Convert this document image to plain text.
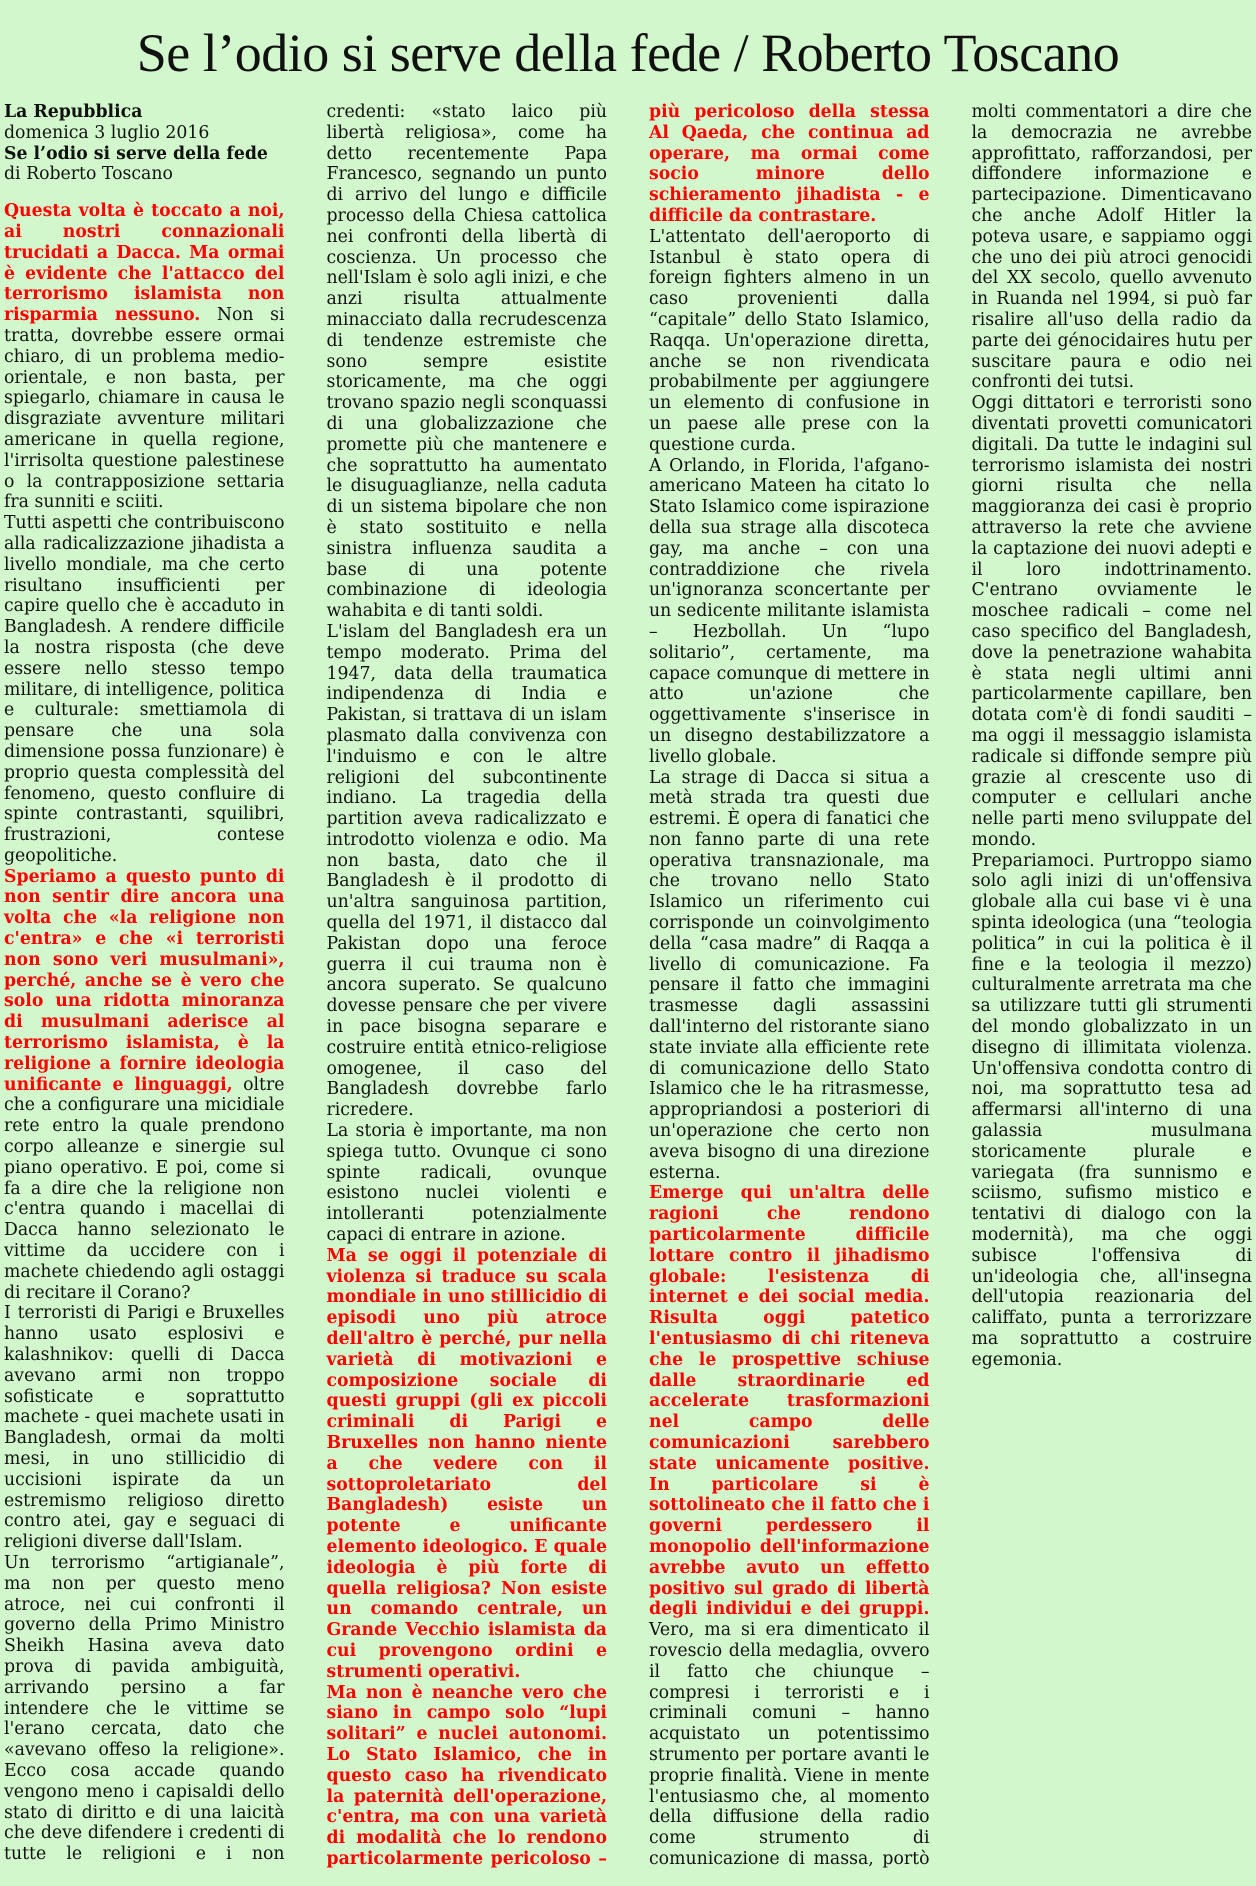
Se l’odio si serve della fede / Roberto Toscano
La Repubblica
domenica 3 luglio 2016
Se l’odio si serve della fede
di Roberto Toscano

Questa volta è toccato a noi, ai nostri connazionali trucidati a Dacca. Ma ormai è evidente che l'attacco del terrorismo islamista non risparmia nessuno. Non si tratta, dovrebbe essere ormai chiaro, di un problema medio-orientale, e non basta, per spiegarlo, chiamare in causa le disgraziate avventure militari americane in quella regione, l'irrisolta questione palestinese o la contrapposizione settaria fra sunniti e sciiti.

Tutti aspetti che contribuiscono alla radicalizzazione jihadista a livello mondiale, ma che certo risultano insufficienti per capire quello che è accaduto in Bangladesh. A rendere difficile la nostra risposta (che deve essere nello stesso tempo militare, di intelligence, politica e culturale: smettiamola di pensare che una sola dimensione possa funzionare) è proprio questa complessità del fenomeno, questo confluire di spinte contrastanti, squilibri, frustrazioni, contese geopolitiche.

Speriamo a questo punto di non sentir dire ancora una volta che «la religione non c'entra» e che «i terroristi non sono veri musulmani», perché, anche se è vero che solo una ridotta minoranza di musulmani aderisce al terrorismo islamista, è la religione a fornire ideologia unificante e linguaggi, oltre che a configurare una micidiale rete entro la quale prendono corpo alleanze e sinergie sul piano operativo. E poi, come si fa a dire che la religione non c'entra quando i macellai di Dacca hanno selezionato le vittime da uccidere con i machete chiedendo agli ostaggi di recitare il Corano?

I terroristi di Parigi e Bruxelles hanno usato esplosivi e kalashnikov: quelli di Dacca avevano armi non troppo sofisticate e soprattutto machete - quei machete usati in Bangladesh, ormai da molti mesi, in uno stillicidio di uccisioni ispirate da un estremismo religioso diretto contro atei, gay e seguaci di religioni diverse dall'Islam.

Un terrorismo “artigianale”, ma non per questo meno atroce, nei cui confronti il governo della Primo Ministro Sheikh Hasina aveva dato prova di pavida ambiguità, arrivando persino a far intendere che le vittime se l'erano cercata, dato che «avevano offeso la religione». Ecco cosa accade quando vengono meno i capisaldi dello stato di diritto e di una laicità che deve difendere i credenti di tutte le religioni e i non credenti: «stato laico più libertà religiosa», come ha detto recentemente Papa Francesco, segnando un punto di arrivo del lungo e difficile processo della Chiesa cattolica nei confronti della libertà di coscienza. Un processo che nell'Islam è solo agli inizi, e che anzi risulta attualmente minacciato dalla recrudescenza di tendenze estremiste che sono sempre esistite storicamente, ma che oggi trovano spazio negli sconquassi di una globalizzazione che promette più che mantenere e che soprattutto ha aumentato le disuguaglianze, nella caduta di un sistema bipolare che non è stato sostituito e nella sinistra influenza saudita a base di una potente combinazione di ideologia wahabita e di tanti soldi.

L'islam del Bangladesh era un tempo moderato. Prima del 1947, data della traumatica indipendenza di India e Pakistan, si trattava di un islam plasmato dalla convivenza con l'induismo e con le altre religioni del subcontinente indiano. La tragedia della partition aveva radicalizzato e introdotto violenza e odio. Ma non basta, dato che il Bangladesh è il prodotto di un'altra sanguinosa partition, quella del 1971, il distacco dal Pakistan dopo una feroce guerra il cui trauma non è ancora superato. Se qualcuno dovesse pensare che per vivere in pace bisogna separare e costruire entità etnico-religiose omogenee, il caso del Bangladesh dovrebbe farlo ricredere.

La storia è importante, ma non spiega tutto. Ovunque ci sono spinte radicali, ovunque esistono nuclei violenti e intolleranti potenzialmente capaci di entrare in azione.

Ma se oggi il potenziale di violenza si traduce su scala mondiale in uno stillicidio di episodi uno più atroce dell'altro è perché, pur nella varietà di motivazioni e composizione sociale di questi gruppi (gli ex piccoli criminali di Parigi e Bruxelles non hanno niente a che vedere con il sottoproletariato del Bangladesh) esiste un potente e unificante elemento ideologico. E quale ideologia è più forte di quella religiosa? Non esiste un comando centrale, un Grande Vecchio islamista da cui provengono ordini e strumenti operativi.

Ma non è neanche vero che siano in campo solo “lupi solitari” e nuclei autonomi. Lo Stato Islamico, che in questo caso ha rivendicato la paternità dell'operazione, c'entra, ma con una varietà di modalità che lo rendono particolarmente pericoloso – più pericoloso della stessa Al Qaeda, che continua ad operare, ma ormai come socio minore dello schieramento jihadista - e difficile da contrastare.

L'attentato dell'aeroporto di Istanbul è stato opera di foreign fighters almeno in un caso provenienti dalla “capitale” dello Stato Islamico, Raqqa. Un'operazione diretta, anche se non rivendicata probabilmente per aggiungere un elemento di confusione in un paese alle prese con la questione curda.

A Orlando, in Florida, l'afgano-americano Mateen ha citato lo Stato Islamico come ispirazione della sua strage alla discoteca gay, ma anche – con una contraddizione che rivela un'ignoranza sconcertante per un sedicente militante islamista – Hezbollah. Un “lupo solitario”, certamente, ma capace comunque di mettere in atto un'azione che oggettivamente s'inserisce in un disegno destabilizzatore a livello globale.

La strage di Dacca si situa a metà strada tra questi due estremi. È opera di fanatici che non fanno parte di una rete operativa transnazionale, ma che trovano nello Stato Islamico un riferimento cui corrisponde un coinvolgimento della “casa madre” di Raqqa a livello di comunicazione. Fa pensare il fatto che immagini trasmesse dagli assassini dall'interno del ristorante siano state inviate alla efficiente rete di comunicazione dello Stato Islamico che le ha ritrasmesse, appropriandosi a posteriori di un'operazione che certo non aveva bisogno di una direzione esterna.

Emerge qui un'altra delle ragioni che rendono particolarmente difficile lottare contro il jihadismo globale: l'esistenza di internet e dei social media. Risulta oggi patetico l'entusiasmo di chi riteneva che le prospettive schiuse dalle straordinarie ed accelerate trasformazioni nel campo delle comunicazioni sarebbero state unicamente positive. In particolare si è sottolineato che il fatto che i governi perdessero il monopolio dell'informazione avrebbe avuto un effetto positivo sul grado di libertà degli individui e dei gruppi. Vero, ma si era dimenticato il rovescio della medaglia, ovvero il fatto che chiunque – compresi i terroristi e i criminali comuni – hanno acquistato un potentissimo strumento per portare avanti le proprie finalità. Viene in mente l'entusiasmo che, al momento della diffusione della radio come strumento di comunicazione di massa, portò molti commentatori a dire che la democrazia ne avrebbe approfittato, rafforzandosi, per diffondere informazione e partecipazione. Dimenticavano che anche Adolf Hitler la poteva usare, e sappiamo oggi che uno dei più atroci genocidi del XX secolo, quello avvenuto in Ruanda nel 1994, si può far risalire all'uso della radio da parte dei génocidaires hutu per suscitare paura e odio nei confronti dei tutsi.

Oggi dittatori e terroristi sono diventati provetti comunicatori digitali. Da tutte le indagini sul terrorismo islamista dei nostri giorni risulta che nella maggioranza dei casi è proprio attraverso la rete che avviene la captazione dei nuovi adepti e il loro indottrinamento. C'entrano ovviamente le moschee radicali – come nel caso specifico del Bangladesh, dove la penetrazione wahabita è stata negli ultimi anni particolarmente capillare, ben dotata com'è di fondi sauditi – ma oggi il messaggio islamista radicale si diffonde sempre più grazie al crescente uso di computer e cellulari anche nelle parti meno sviluppate del mondo.

Prepariamoci. Purtroppo siamo solo agli inizi di un'offensiva globale alla cui base vi è una spinta ideologica (una “teologia politica” in cui la politica è il fine e la teologia il mezzo) culturalmente arretrata ma che sa utilizzare tutti gli strumenti del mondo globalizzato in un disegno di illimitata violenza. Un'offensiva condotta contro di noi, ma soprattutto tesa ad affermarsi all'interno di una galassia musulmana storicamente plurale e variegata (fra sunnismo e sciismo, sufismo mistico e tentativi di dialogo con la modernità), ma che oggi subisce l'offensiva di un'ideologia che, all'insegna dell'utopia reazionaria del califfato, punta a terrorizzare ma soprattutto a costruire egemonia.
